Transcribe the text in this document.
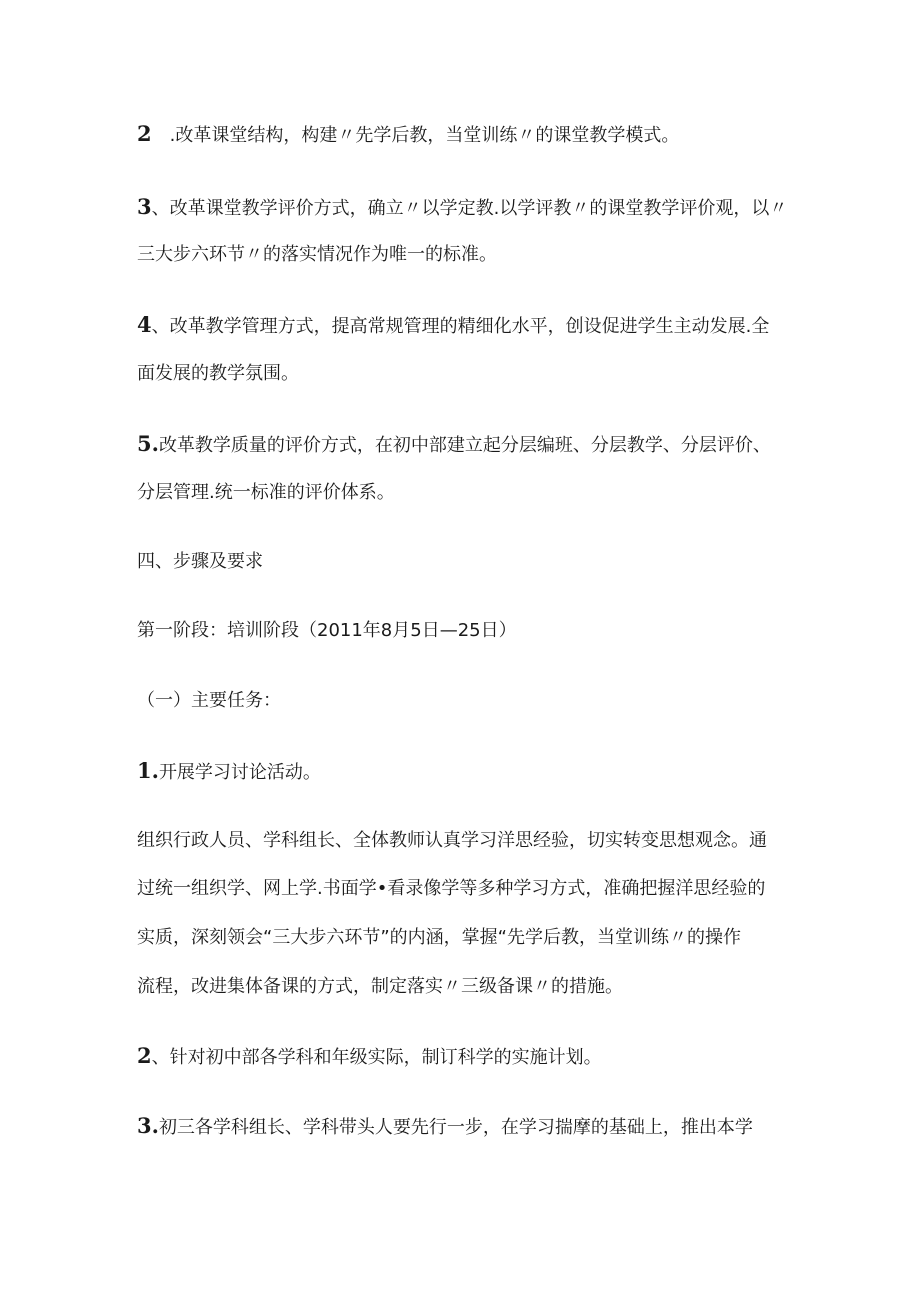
2　.改革课堂结构，构建〃先学后教，当堂训练〃的课堂教学模式。

3、改革课堂教学评价方式，确立〃以学定教.以学评教〃的课堂教学评价观，以〃

三大步六环节〃的落实情况作为唯一的标准。

4、改革教学管理方式，提高常规管理的精细化水平，创设促进学生主动发展.全

面发展的教学氛围。

5.改革教学质量的评价方式，在初中部建立起分层编班、分层教学、分层评价、

分层管理.统一标准的评价体系。

四、步骤及要求

第一阶段：培训阶段（2011年8月5日—25日）

（一）主要任务：

1.开展学习讨论活动。

组织行政人员、学科组长、全体教师认真学习洋思经验，切实转变思想观念。通

过统一组织学、网上学.书面学•看录像学等多种学习方式，准确把握洋思经验的

实质，深刻领会“三大步六环节”的内涵，掌握“先学后教，当堂训练〃的操作

流程，改进集体备课的方式，制定落实〃三级备课〃的措施。

2、针对初中部各学科和年级实际，制订科学的实施计划。

3.初三各学科组长、学科带头人要先行一步，在学习揣摩的基础上，推出本学
